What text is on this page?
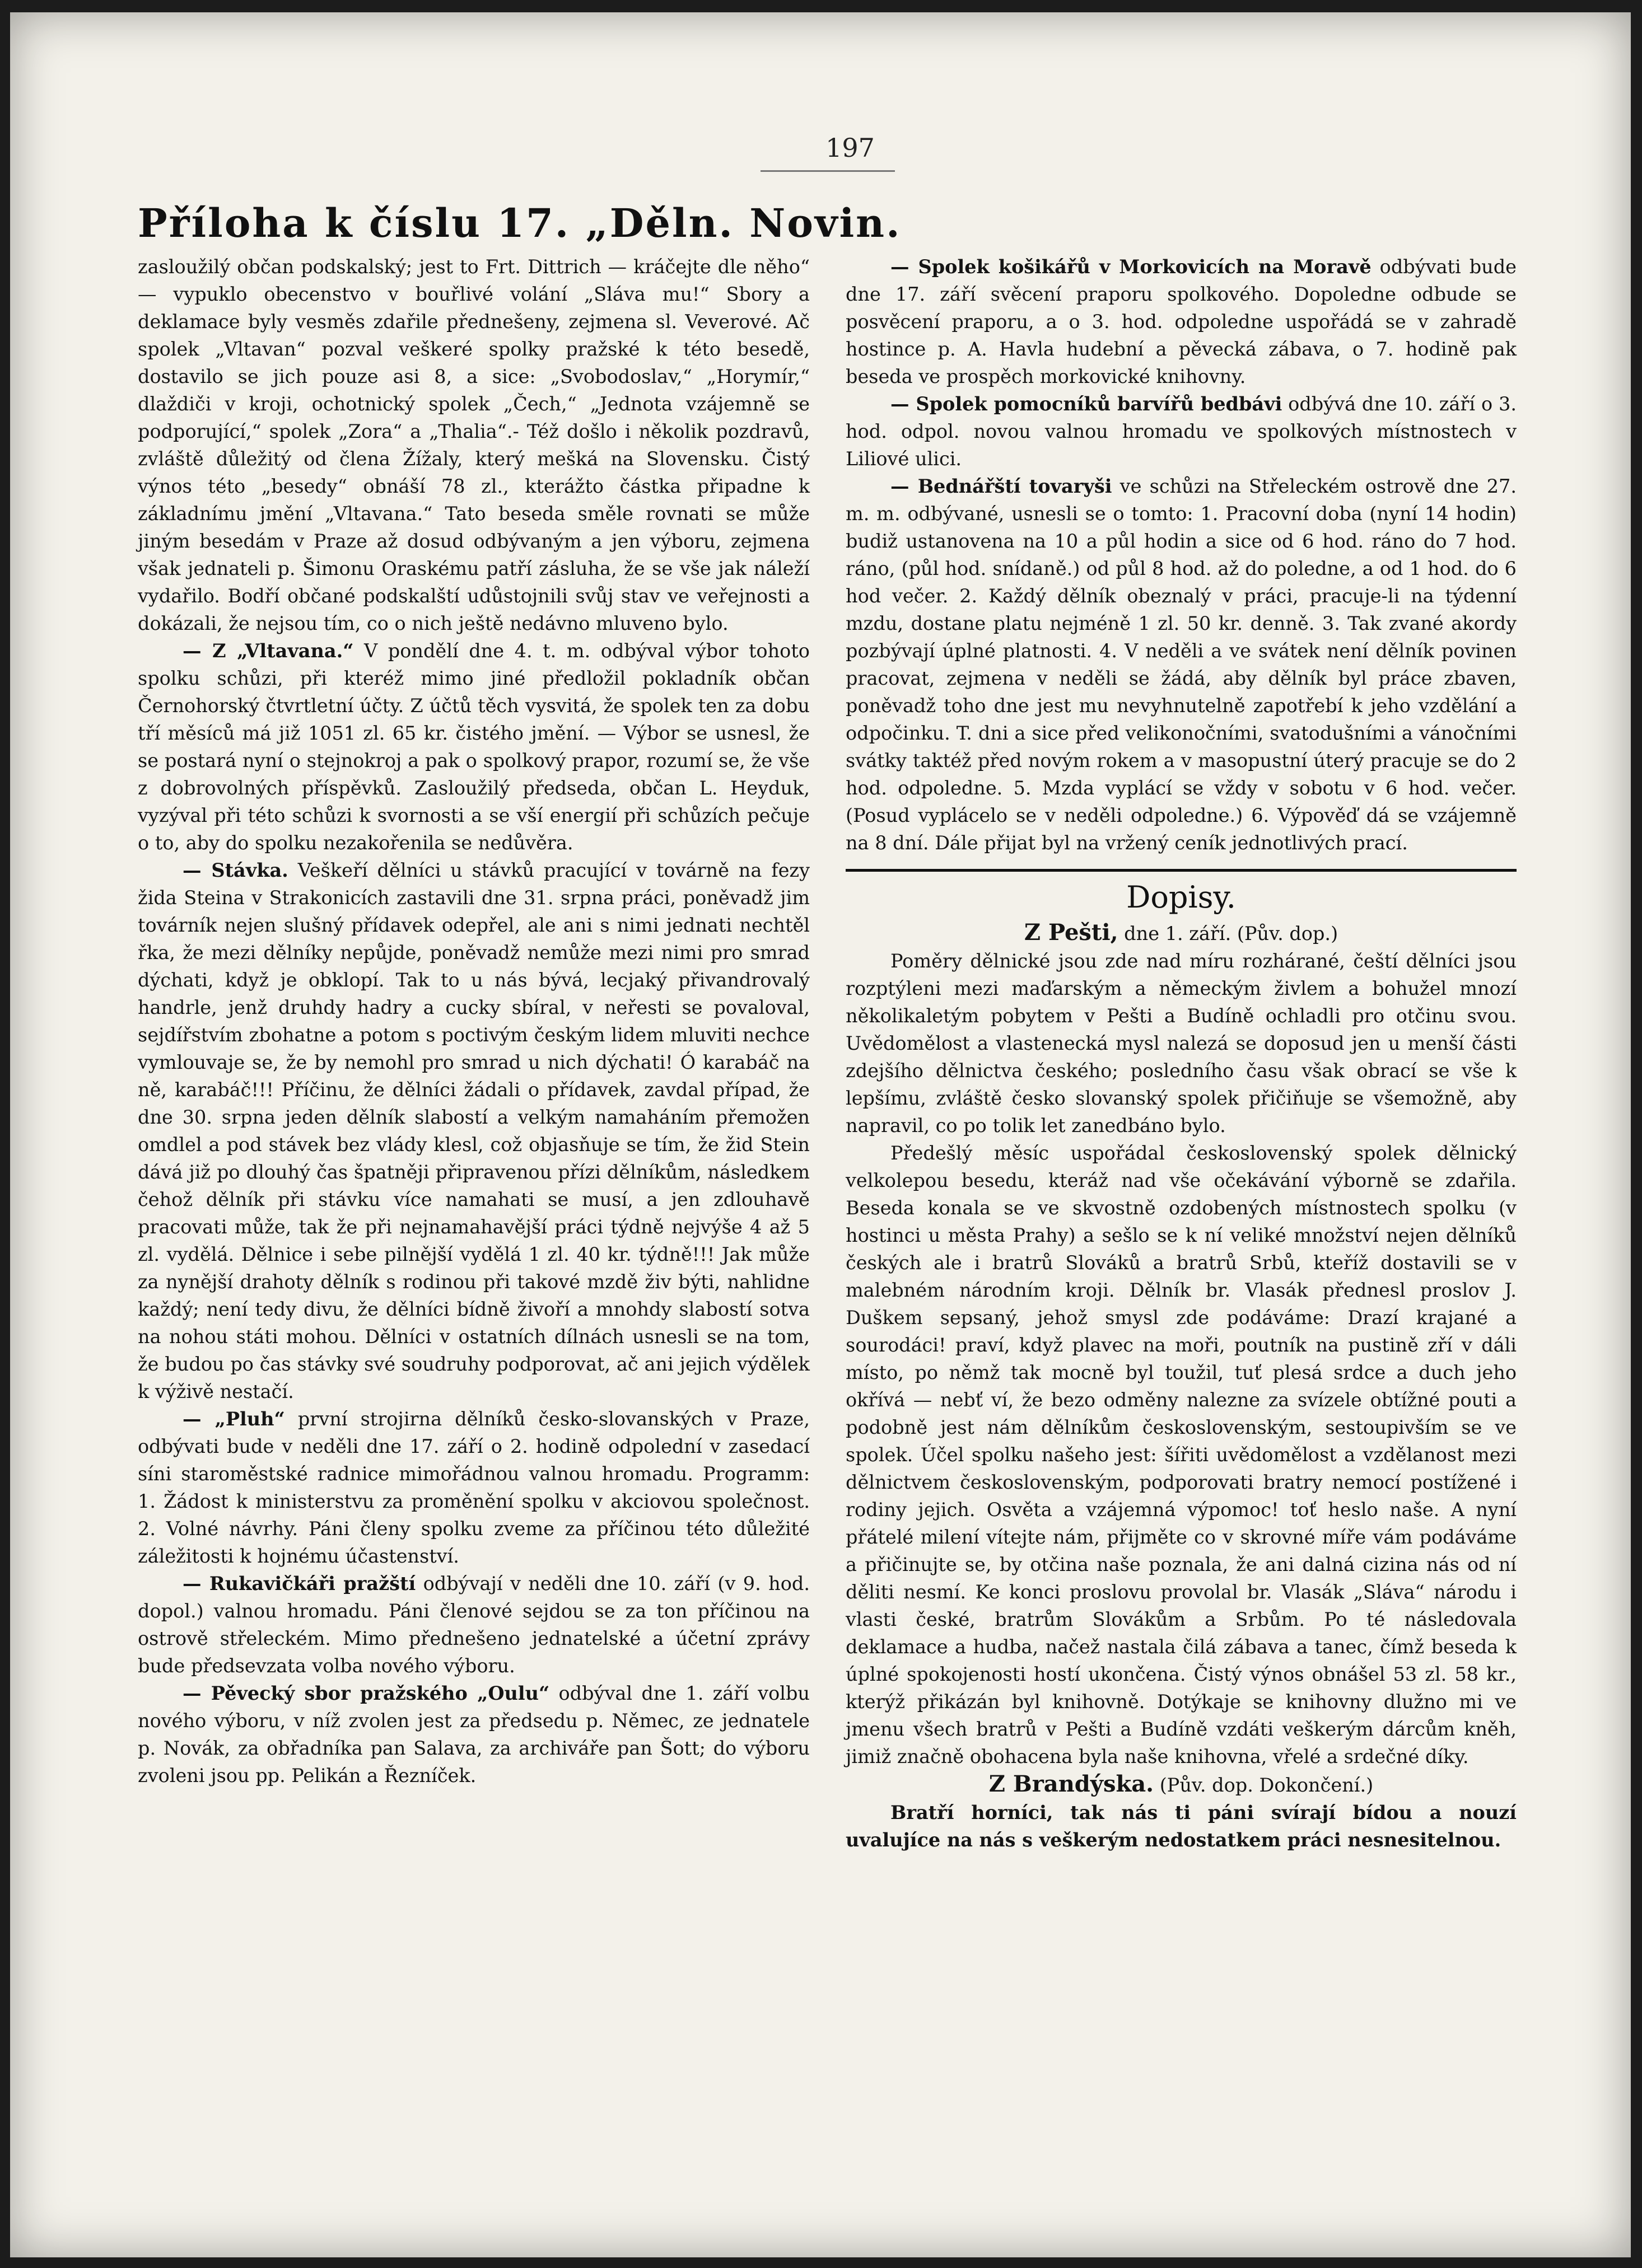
197
Příloha k číslu 17. „Děln. Novin.

zasloužilý občan podskalský; jest to Frt. Dittrich — kráčejte dle něho“ — vypuklo obecenstvo v bouřlivé volání „Sláva mu!“ Sbory a deklamace byly vesměs zdařile přednešeny, zejmena sl. Veverové. Ač spolek „Vltavan“ pozval veškeré spolky pražské k této besedě, dostavilo se jich pouze asi 8, a sice: „Svobodoslav,“ „Horymír,“ dlaždiči v kroji, ochotnický spolek „Čech,“ „Jednota vzájemně se podporující,“ spolek „Zora“ a „Thalia“.- Též došlo i několik pozdravů, zvláště důležitý od člena Žížaly, který mešká na Slovensku. Čistý výnos této „besedy“ obnáší 78 zl., kterážto částka připadne k základnímu jmění „Vltavana.“ Tato beseda směle rovnati se může jiným besedám v Praze až dosud odbývaným a jen výboru, zejmena však jednateli p. Šimonu Oraskému patří zásluha, že se vše jak náleží vydařilo. Bodří občané podskalští udůstojnili svůj stav ve veřejnosti a dokázali, že nejsou tím, co o nich ještě nedávno mluveno bylo.

— Z „Vltavana.“ V pondělí dne 4. t. m. odbýval výbor tohoto spolku schůzi, při kteréž mimo jiné předložil pokladník občan Černohorský čtvrtletní účty. Z účtů těch vysvitá, že spolek ten za dobu tří měsíců má již 1051 zl. 65 kr. čistého jmění. — Výbor se usnesl, že se postará nyní o stejnokroj a pak o spolkový prapor, rozumí se, že vše z dobrovolných příspěvků. Zasloužilý předseda, občan L. Heyduk, vyzýval při této schůzi k svornosti a se vší energií při schůzích pečuje o to, aby do spolku nezakořenila se nedůvěra.

— Stávka. Veškeří dělníci u stávků pracující v továrně na fezy žida Steina v Strakonicích zastavili dne 31. srpna práci, poněvadž jim továrník nejen slušný přídavek odepřel, ale ani s nimi jednati nechtěl řka, že mezi dělníky nepůjde, poněvadž nemůže mezi nimi pro smrad dýchati, když je obklopí. Tak to u nás bývá, lecjaký přivandrovalý handrle, jenž druhdy hadry a cucky sbíral, v neřesti se povaloval, sejdířstvím zbohatne a potom s poctivým českým lidem mluviti nechce vymlouvaje se, že by nemohl pro smrad u nich dýchati! Ó karabáč na ně, karabáč!!! Příčinu, že dělníci žádali o přídavek, zavdal případ, že dne 30. srpna jeden dělník slabostí a velkým namaháním přemožen omdlel a pod stávek bez vlády klesl, což objasňuje se tím, že žid Stein dává již po dlouhý čas špatněji připravenou přízi dělníkům, následkem čehož dělník při stávku více namahati se musí, a jen zdlouhavě pracovati může, tak že při nejnamahavější práci týdně nejvýše 4 až 5 zl. vydělá. Dělnice i sebe pilnější vydělá 1 zl. 40 kr. týdně!!! Jak může za nynější drahoty dělník s rodinou při takové mzdě živ býti, nahlidne každý; není tedy divu, že dělníci bídně živoří a mnohdy slabostí sotva na nohou státi mohou. Dělníci v ostatních dílnách usnesli se na tom, že budou po čas stávky své soudruhy podporovat, ač ani jejich výdělek k výživě nestačí.

— „Pluh“ první strojirna dělníků česko-slovanských v Praze, odbývati bude v neděli dne 17. září o 2. hodině odpolední v zasedací síni staroměstské radnice mimořádnou valnou hromadu. Programm: 1. Žádost k ministerstvu za proměnění spolku v akciovou společnost. 2. Volné návrhy. Páni členy spolku zveme za příčinou této důležité záležitosti k hojnému účastenství.

— Rukavičkáři pražští odbývají v neděli dne 10. září (v 9. hod. dopol.) valnou hromadu. Páni členové sejdou se za ton příčinou na ostrově střeleckém. Mimo přednešeno jednatelské a účetní zprávy bude předsevzata volba nového výboru.

— Pěvecký sbor pražského „Oulu“ odbýval dne 1. září volbu nového výboru, v níž zvolen jest za předsedu p. Němec, ze jednatele p. Novák, za obřadníka pan Salava, za archiváře pan Šott; do výboru zvoleni jsou pp. Pelikán a Řezníček.

— Spolek košikářů v Morkovicích na Moravě odbývati bude dne 17. září svěcení praporu spolkového. Dopoledne odbude se posvěcení praporu, a o 3. hod. odpoledne uspořádá se v zahradě hostince p. A. Havla hudební a pěvecká zábava, o 7. hodině pak beseda ve prospěch morkovické knihovny.

— Spolek pomocníků barvířů bedbávi odbývá dne 10. září o 3. hod. odpol. novou valnou hromadu ve spolkových místnostech v Liliové ulici.

— Bednářští tovaryši ve schůzi na Střeleckém ostrově dne 27. m. m. odbývané, usnesli se o tomto: 1. Pracovní doba (nyní 14 hodin) budiž ustanovena na 10 a půl hodin a sice od 6 hod. ráno do 7 hod. ráno, (půl hod. snídaně.) od půl 8 hod. až do poledne, a od 1 hod. do 6 hod večer. 2. Každý dělník obeznalý v práci, pracuje-li na týdenní mzdu, dostane platu nejméně 1 zl. 50 kr. denně. 3. Tak zvané akordy pozbývají úplné platnosti. 4. V neděli a ve svátek není dělník povinen pracovat, zejmena v neděli se žádá, aby dělník byl práce zbaven, poněvadž toho dne jest mu nevyhnutelně zapotřebí k jeho vzdělání a odpočinku. T. dni a sice před velikonočními, svatodušními a vánočními svátky taktéž před novým rokem a v masopustní úterý pracuje se do 2 hod. odpoledne. 5. Mzda vyplácí se vždy v sobotu v 6 hod. večer. (Posud vyplácelo se v neděli odpoledne.) 6. Výpověď dá se vzájemně na 8 dní. Dále přijat byl na vržený ceník jednotlivých prací.

Dopisy.

Z Pešti, dne 1. září. (Pův. dop.)

Poměry dělnické jsou zde nad míru rozhárané, čeští dělníci jsou rozptýleni mezi maďarským a německým živlem a bohužel mnozí několikaletým pobytem v Pešti a Budíně ochladli pro otčinu svou. Uvědomělost a vlastenecká mysl nalezá se doposud jen u menší části zdejšího dělnictva českého; posledního času však obrací se vše k lepšímu, zvláště česko slovanský spolek přičiňuje se všemožně, aby napravil, co po tolik let zanedbáno bylo.

Předešlý měsíc uspořádal československý spolek dělnický velkolepou besedu, kteráž nad vše očekávání výborně se zdařila. Beseda konala se ve skvostně ozdobených místnostech spolku (v hostinci u města Prahy) a sešlo se k ní veliké množství nejen dělníků českých ale i bratrů Slováků a bratrů Srbů, kteříž dostavili se v malebném národním kroji. Dělník br. Vlasák přednesl proslov J. Duškem sepsaný, jehož smysl zde podáváme: Drazí krajané a sourodáci! praví, když plavec na moři, poutník na pustině zří v dáli místo, po němž tak mocně byl toužil, tuť plesá srdce a duch jeho okřívá — nebť ví, že bezo odměny nalezne za svízele obtížné pouti a podobně jest nám dělníkům československým, sestoupivším se ve spolek. Účel spolku našeho jest: šířiti uvědomělost a vzdělanost mezi dělnictvem československým, podporovati bratry nemocí postížené i rodiny jejich. Osvěta a vzájemná výpomoc! toť heslo naše. A nyní přátelé milení vítejte nám, přijměte co v skrovné míře vám podáváme a přičinujte se, by otčina naše poznala, že ani dalná cizina nás od ní děliti nesmí. Ke konci proslovu provolal br. Vlasák „Sláva“ národu i vlasti české, bratrům Slovákům a Srbům. Po té následovala deklamace a hudba, načež nastala čilá zábava a tanec, čímž beseda k úplné spokojenosti hostí ukončena. Čistý výnos obnášel 53 zl. 58 kr., kterýž přikázán byl knihovně. Dotýkaje se knihovny dlužno mi ve jmenu všech bratrů v Pešti a Budíně vzdáti veškerým dárcům kněh, jimiž značně obohacena byla naše knihovna, vřelé a srdečné díky.

Z Brandýska. (Pův. dop. Dokončení.)

Bratří horníci, tak nás ti páni svírají bídou a nouzí uvalujíce na nás s veškerým nedostatkem práci nesnesitelnou.
